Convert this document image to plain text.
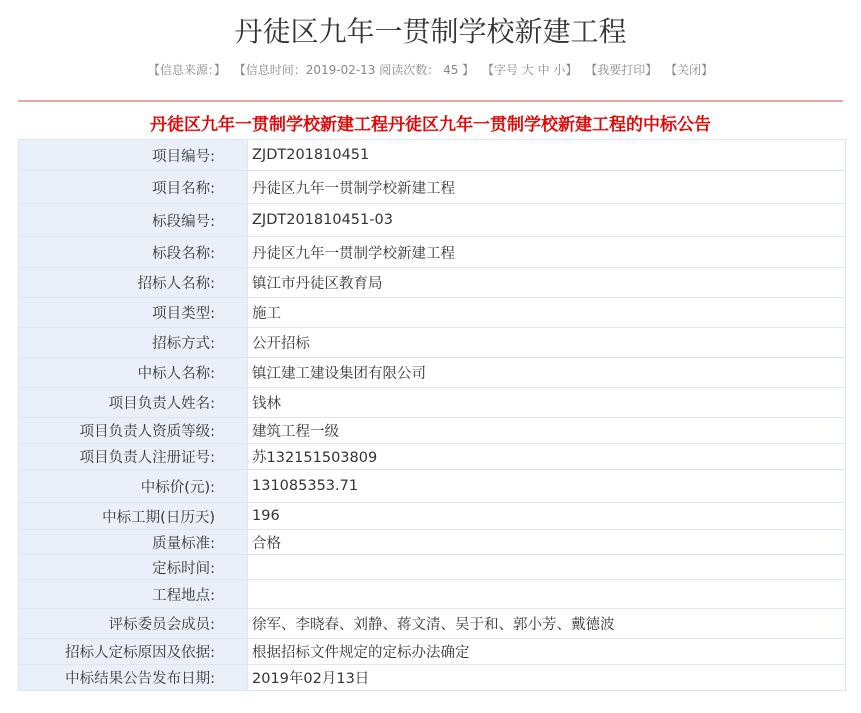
丹徒区九年一贯制学校新建工程
【信息来源：】 【信息时间：2019-02-13 阅读次数： 45 】 【字号 大 中 小】 【我要打印】 【关闭】
丹徒区九年一贯制学校新建工程丹徒区九年一贯制学校新建工程的中标公告
项目编号:	ZJDT201810451
项目名称:	丹徒区九年一贯制学校新建工程
标段编号:	ZJDT201810451-03
标段名称:	丹徒区九年一贯制学校新建工程
招标人名称:	镇江市丹徒区教育局
项目类型:	施工
招标方式:	公开招标
中标人名称:	镇江建工建设集团有限公司
项目负责人姓名:	钱林
项目负责人资质等级:	建筑工程一级
项目负责人注册证号:	苏132151503809
中标价(元):	131085353.71
中标工期(日历天)	196
质量标准:	合格
定标时间:	
工程地点:	
评标委员会成员:	徐军、李晓春、刘静、蒋文清、吴于和、郭小芳、戴德波
招标人定标原因及依据:	根据招标文件规定的定标办法确定
中标结果公告发布日期:	2019年02月13日
